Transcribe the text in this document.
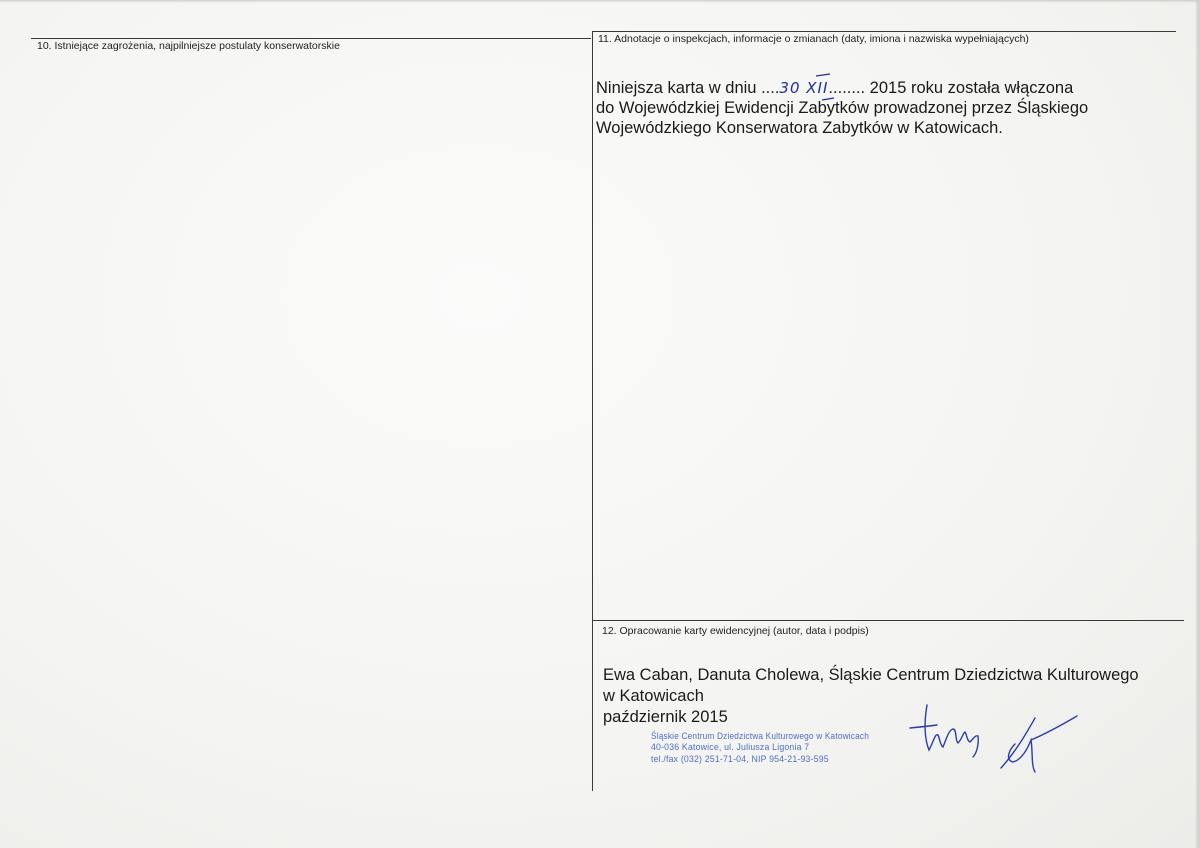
10. Istniejące zagrożenia, najpilniejsze postulaty konserwatorskie
11. Adnotacje o inspekcjach, informacje o zmianach (daty, imiona i nazwiska wypełniających)
12. Opracowanie karty ewidencyjnej (autor, data i podpis)
Niniejsza karta w dniu ....30 XII........ 2015 roku została włączona
do Wojewódzkiej Ewidencji Zabytków prowadzonej przez Śląskiego
Wojewódzkiego Konserwatora Zabytków w Katowicach.
Ewa Caban, Danuta Cholewa, Śląskie Centrum Dziedzictwa Kulturowego
w Katowicach
październik 2015
Śląskie Centrum Dziedzictwa Kulturowego w Katowicach
40-036 Katowice, ul. Juliusza Ligonia 7
tel./fax (032) 251-71-04, NIP 954-21-93-595
